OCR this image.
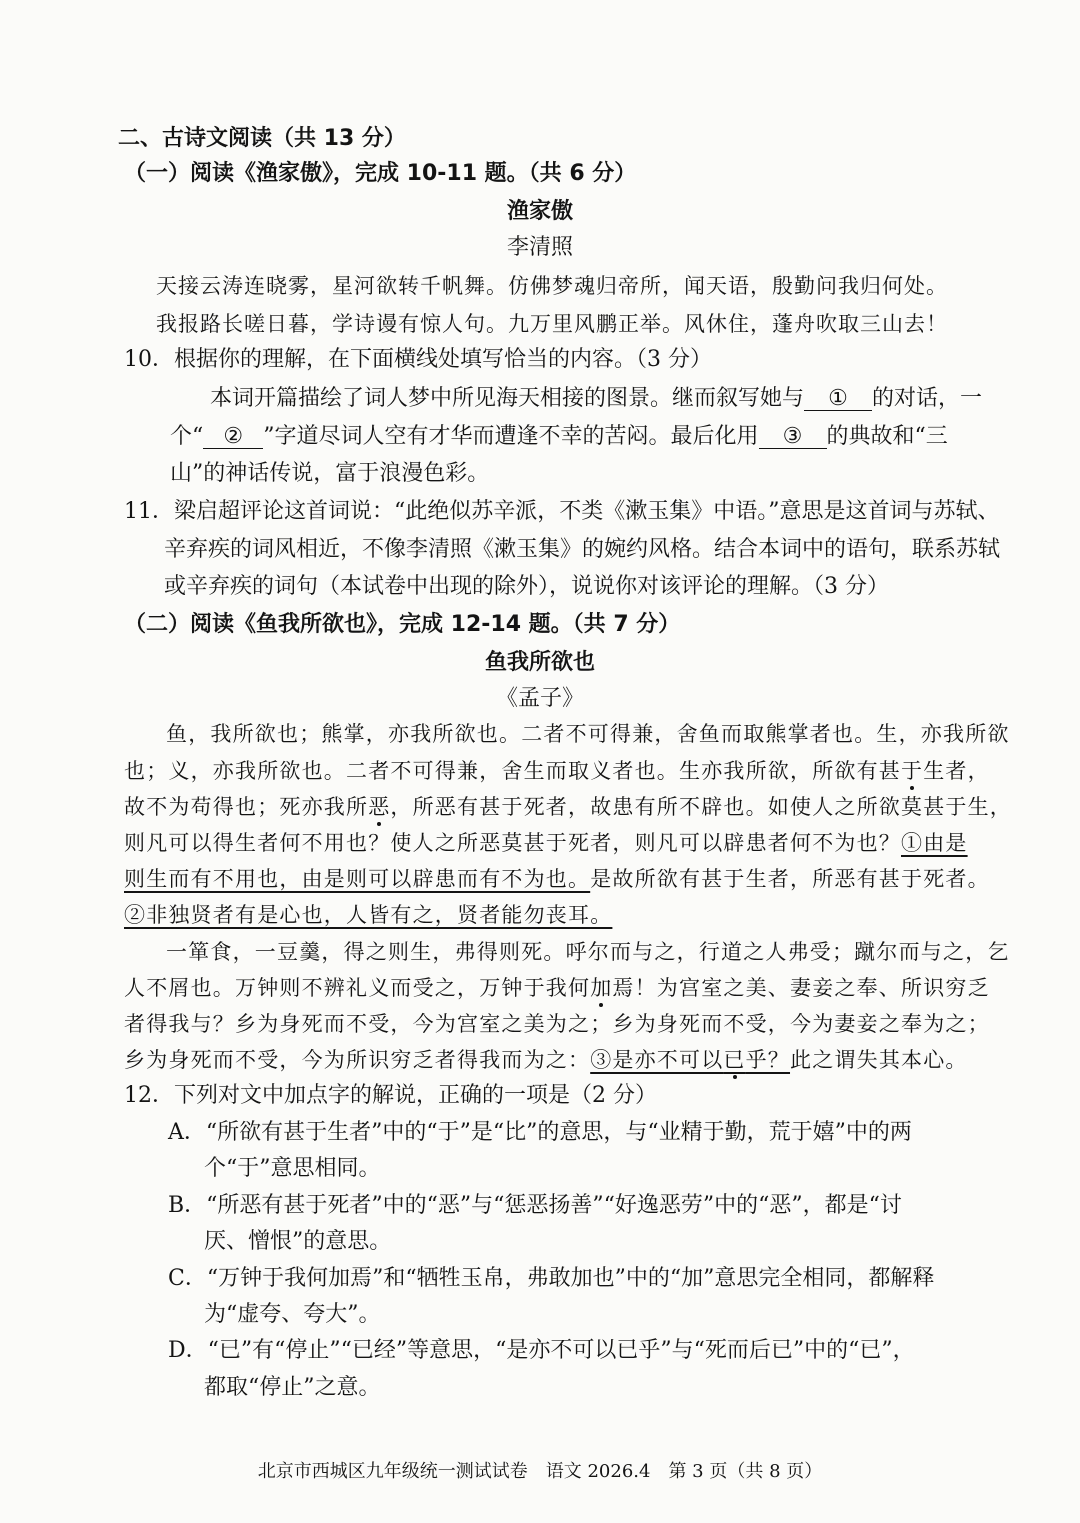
二、古诗文阅读（共 13 分）
（一）阅读《渔家傲》，完成 10-11 题。（共 6 分）
渔家傲
李清照
天接云涛连晓雾，星河欲转千帆舞。仿佛梦魂归帝所，闻天语，殷勤问我归何处。
我报路长嗟日暮，学诗谩有惊人句。九万里风鹏正举。风休住，蓬舟吹取三山去！
10．根据你的理解，在下面横线处填写恰当的内容。（3 分）
本词开篇描绘了词人梦中所见海天相接的图景。继而叙写她与 ① 的对话，一
个“ ② ”字道尽词人空有才华而遭逢不幸的苦闷。最后化用 ③ 的典故和“三
山”的神话传说，富于浪漫色彩。
11．梁启超评论这首词说：“此绝似苏辛派，不类《漱玉集》中语。”意思是这首词与苏轼、
辛弃疾的词风相近，不像李清照《漱玉集》的婉约风格。结合本词中的语句，联系苏轼
或辛弃疾的词句（本试卷中出现的除外），说说你对该评论的理解。（3 分）
（二）阅读《鱼我所欲也》，完成 12-14 题。（共 7 分）
鱼我所欲也
《孟子》
鱼，我所欲也；熊掌，亦我所欲也。二者不可得兼，舍鱼而取熊掌者也。生，亦我所欲
也；义，亦我所欲也。二者不可得兼，舍生而取义者也。生亦我所欲，所欲有甚于生者，
故不为苟得也；死亦我所恶，所恶有甚于死者，故患有所不辟也。如使人之所欲莫甚于生，
则凡可以得生者何不用也？使人之所恶莫甚于死者，则凡可以辟患者何不为也？①由是
则生而有不用也，由是则可以辟患而有不为也。是故所欲有甚于生者，所恶有甚于死者。
②非独贤者有是心也，人皆有之，贤者能勿丧耳。
一箪食，一豆羹，得之则生，弗得则死。呼尔而与之，行道之人弗受；蹴尔而与之，乞
人不屑也。万钟则不辨礼义而受之，万钟于我何加焉！为宫室之美、妻妾之奉、所识穷乏
者得我与？乡为身死而不受，今为宫室之美为之；乡为身死而不受，今为妻妾之奉为之；
乡为身死而不受，今为所识穷乏者得我而为之：③是亦不可以已乎？此之谓失其本心。
12．下列对文中加点字的解说，正确的一项是（2 分）
A．“所欲有甚于生者”中的“于”是“比”的意思，与“业精于勤，荒于嬉”中的两
个“于”意思相同。
B．“所恶有甚于死者”中的“恶”与“惩恶扬善”“好逸恶劳”中的“恶”，都是“讨
厌、憎恨”的意思。
C．“万钟于我何加焉”和“牺牲玉帛，弗敢加也”中的“加”意思完全相同，都解释
为“虚夸、夸大”。
D．“已”有“停止”“已经”等意思，“是亦不可以已乎”与“死而后已”中的“已”，
都取“停止”之意。
北京市西城区九年级统一测试试卷　语文 2026.4　第 3 页（共 8 页）
